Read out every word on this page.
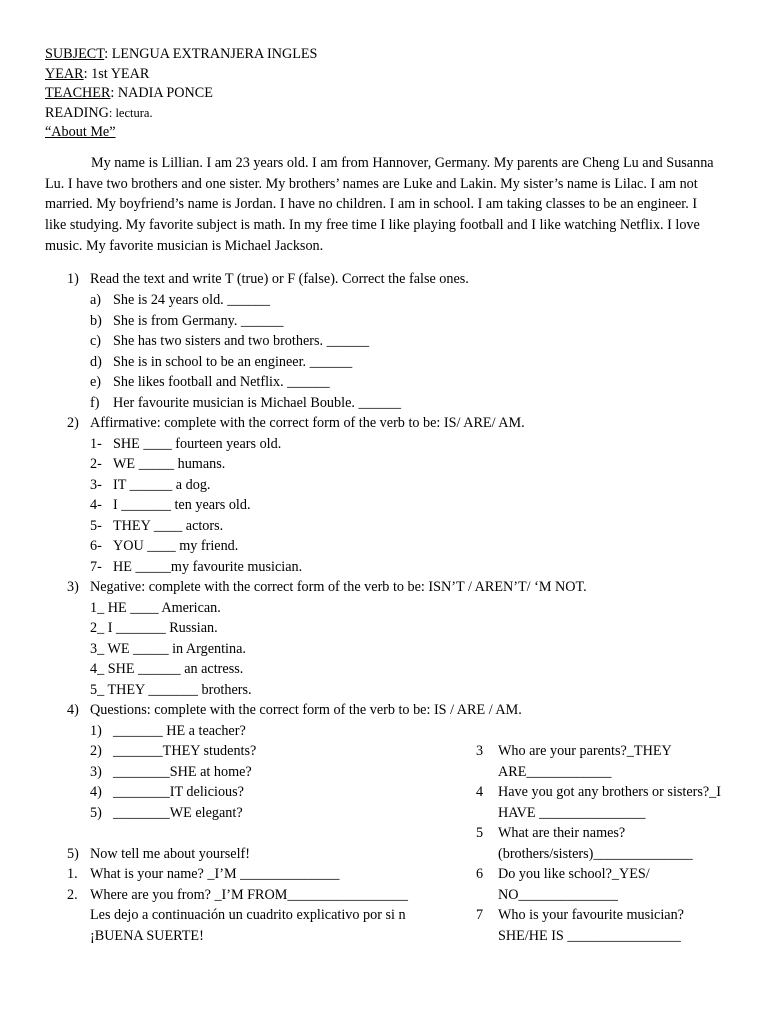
SUBJECT: LENGUA EXTRANJERA INGLES
YEAR: 1st YEAR
TEACHER: NADIA PONCE
READING: lectura.
“About Me”

My name is Lillian. I am 23 years old. I am from Hannover, Germany. My parents are Cheng Lu and Susanna Lu. I have two brothers and one sister. My brothers’ names are Luke and Lakin. My sister’s name is Lilac. I am not married. My boyfriend’s name is Jordan. I have no children. I am in school. I am taking classes to be an engineer. I like studying. My favorite subject is math. In my free time I like playing football and I like watching Netflix. I love music. My favorite musician is Michael Jackson.

1) Read the text and write T (true) or F (false). Correct the false ones.
a) She is 24 years old. ______
b) She is from Germany. ______
c) She has two sisters and two brothers. ______
d) She is in school to be an engineer. ______
e) She likes football and Netflix. ______
f) Her favourite musician is Michael Bouble. ______
2) Affirmative: complete with the correct form of the verb to be: IS/ ARE/ AM.
1- SHE ____ fourteen years old.
2- WE _____ humans.
3- IT ______ a dog.
4- I _______ ten years old.
5- THEY ____ actors.
6- YOU ____ my friend.
7- HE _____my favourite musician.
3) Negative: complete with the correct form of the verb to be: ISN’T / AREN’T/ ‘M NOT.
1_ HE ____ American.
2_ I _______ Russian.
3_ WE _____ in Argentina.
4_ SHE ______ an actress.
5_ THEY _______ brothers.
4) Questions: complete with the correct form of the verb to be: IS / ARE / AM.
1) _______ HE a teacher?
2) _______THEY students?
3) ________SHE at home?
4) ________IT delicious?
5) ________WE elegant?
5) Now tell me about yourself!
1. What is your name? _I’M ______________
2. Where are you from? _I’M FROM_________________
Les dejo a continuación un cuadrito explicativo por si n
¡BUENA SUERTE!
3 Who are your parents?_THEY
ARE____________
4 Have you got any brothers or sisters?_I
HAVE _______________
5 What are their names?
(brothers/sisters)______________
6 Do you like school?_YES/
NO______________
7 Who is your favourite musician?
SHE/HE IS ________________
